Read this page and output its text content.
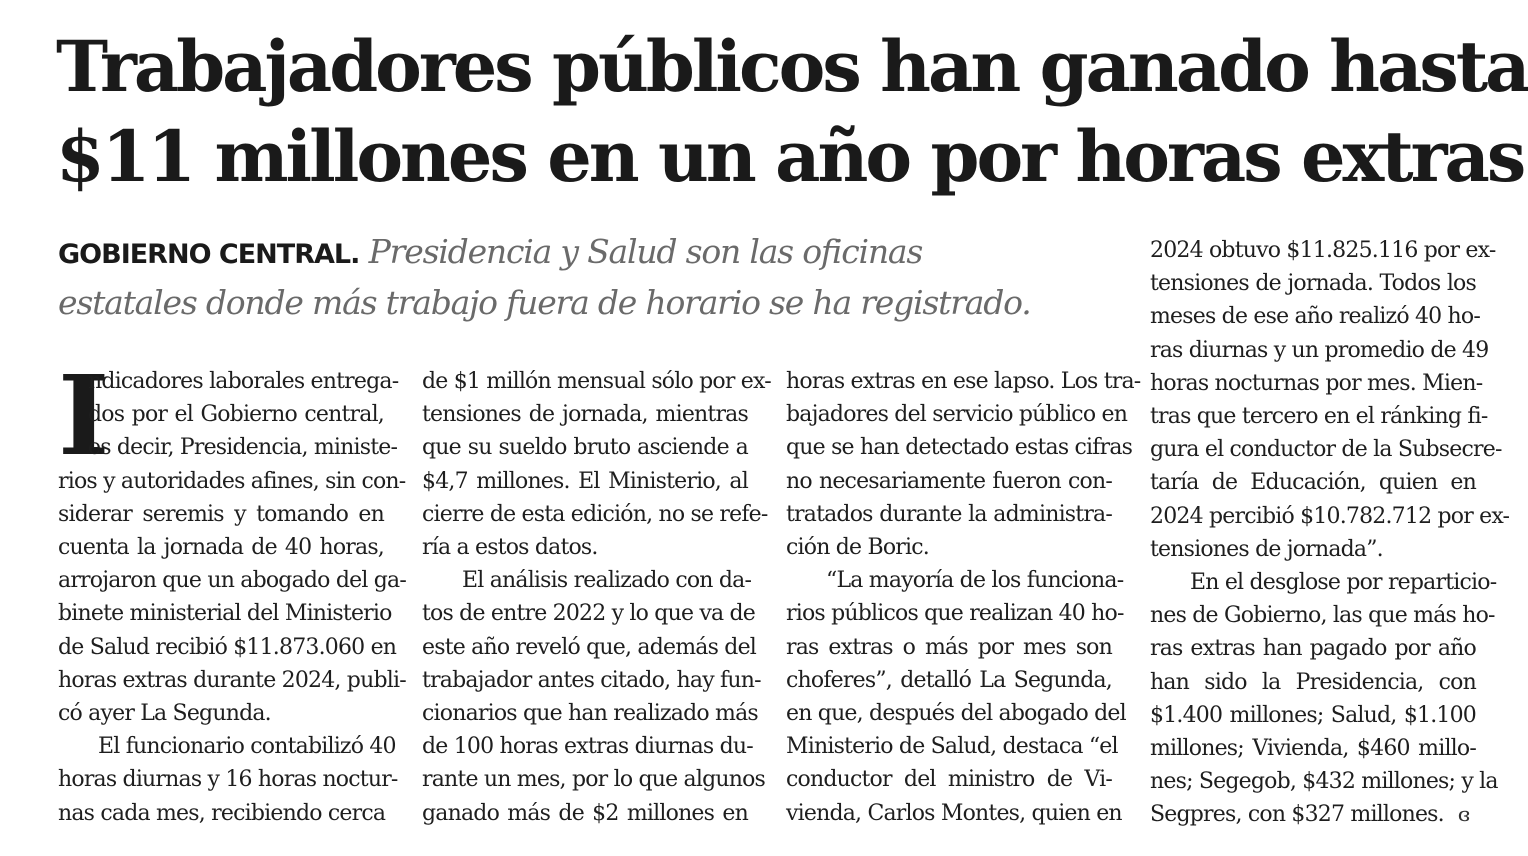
Trabajadores públicos han ganado hasta
$11 millones en un año por horas extras
GOBIERNO CENTRAL. Presidencia y Salud son las oficinas
estatales donde más trabajo fuera de horario se ha registrado.
I
ndicadores laborales entrega-
dos por el Gobierno central,
es decir, Presidencia, ministe-
rios y autoridades afines, sin con-
siderar seremis y tomando en
cuenta la jornada de 40 horas,
arrojaron que un abogado del ga-
binete ministerial del Ministerio
de Salud recibió $11.873.060 en
horas extras durante 2024, publi-
có ayer La Segunda.
El funcionario contabilizó 40
horas diurnas y 16 horas noctur-
nas cada mes, recibiendo cerca
de $1 millón mensual sólo por ex-
tensiones de jornada, mientras
que su sueldo bruto asciende a
$4,7 millones. El Ministerio, al
cierre de esta edición, no se refe-
ría a estos datos.
El análisis realizado con da-
tos de entre 2022 y lo que va de
este año reveló que, además del
trabajador antes citado, hay fun-
cionarios que han realizado más
de 100 horas extras diurnas du-
rante un mes, por lo que algunos
ganado más de $2 millones en
horas extras en ese lapso. Los tra-
bajadores del servicio público en
que se han detectado estas cifras
no necesariamente fueron con-
tratados durante la administra-
ción de Boric.
“La mayoría de los funciona-
rios públicos que realizan 40 ho-
ras extras o más por mes son
choferes”, detalló La Segunda,
en que, después del abogado del
Ministerio de Salud, destaca “el
conductor del ministro de Vi-
vienda, Carlos Montes, quien en
2024 obtuvo $11.825.116 por ex-
tensiones de jornada. Todos los
meses de ese año realizó 40 ho-
ras diurnas y un promedio de 49
horas nocturnas por mes. Mien-
tras que tercero en el ránking fi-
gura el conductor de la Subsecre-
taría de Educación, quien en
2024 percibió $10.782.712 por ex-
tensiones de jornada”.
En el desglose por reparticio-
nes de Gobierno, las que más ho-
ras extras han pagado por año
han sido la Presidencia, con
$1.400 millones; Salud, $1.100
millones; Vivienda, $460 millo-
nes; Segegob, $432 millones; y la
Segpres, con $327 millones. ɞ
